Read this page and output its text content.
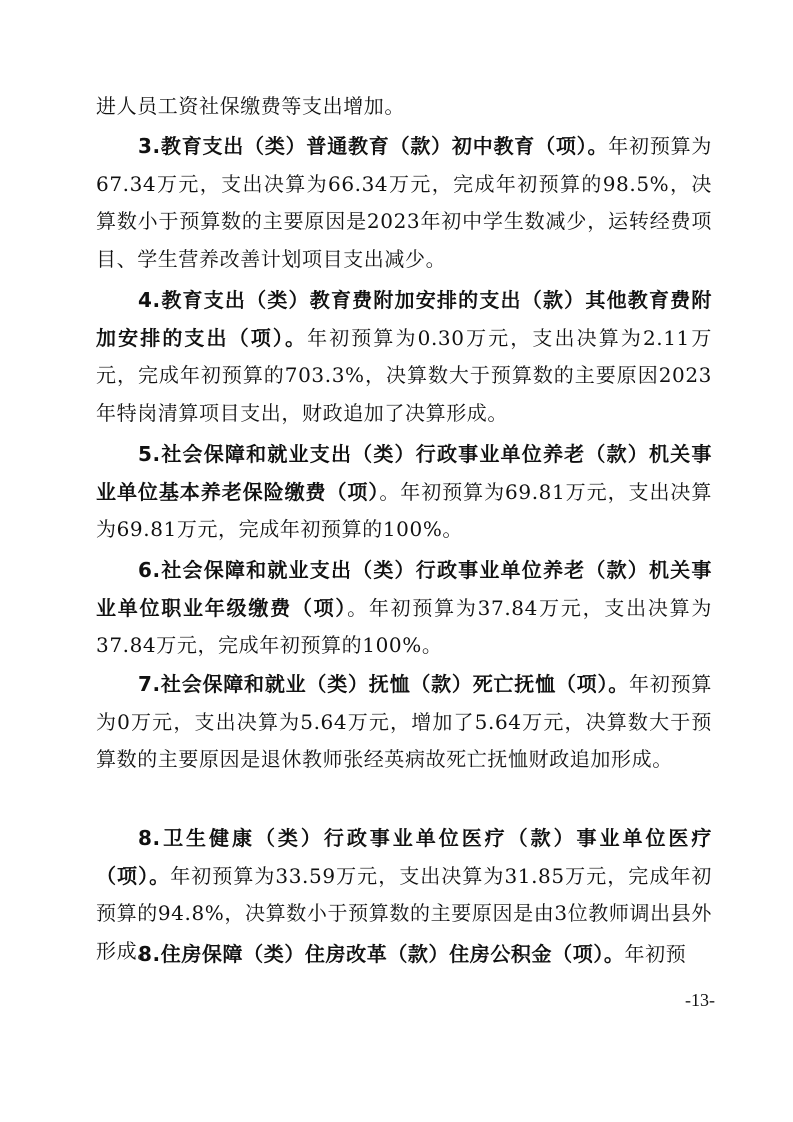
进人员工资社保缴费等支出增加。

3.教育支出（类）普通教育（款）初中教育（项）。年初预算为67.34万元，支出决算为66.34万元，完成年初预算的98.5%，决算数小于预算数的主要原因是2023年初中学生数减少，运转经费项目、学生营养改善计划项目支出减少。

4.教育支出（类）教育费附加安排的支出（款）其他教育费附加安排的支出（项）。年初预算为0.30万元，支出决算为2.11万元，完成年初预算的703.3%，决算数大于预算数的主要原因2023年特岗清算项目支出，财政追加了决算形成。

5.社会保障和就业支出（类）行政事业单位养老（款）机关事业单位基本养老保险缴费（项）。年初预算为69.81万元，支出决算为69.81万元，完成年初预算的100%。

6.社会保障和就业支出（类）行政事业单位养老（款）机关事业单位职业年级缴费（项）。年初预算为37.84万元，支出决算为37.84万元，完成年初预算的100%。

7.社会保障和就业（类）抚恤（款）死亡抚恤（项）。年初预算为0万元，支出决算为5.64万元，增加了5.64万元，决算数大于预算数的主要原因是退休教师张经英病故死亡抚恤财政追加形成。

8.卫生健康（类）行政事业单位医疗（款）事业单位医疗（项）。年初预算为33.59万元，支出决算为31.85万元，完成年初预算的94.8%，决算数小于预算数的主要原因是由3位教师调出县外形成。

8.住房保障（类）住房改革（款）住房公积金（项）。年初预

-13-
